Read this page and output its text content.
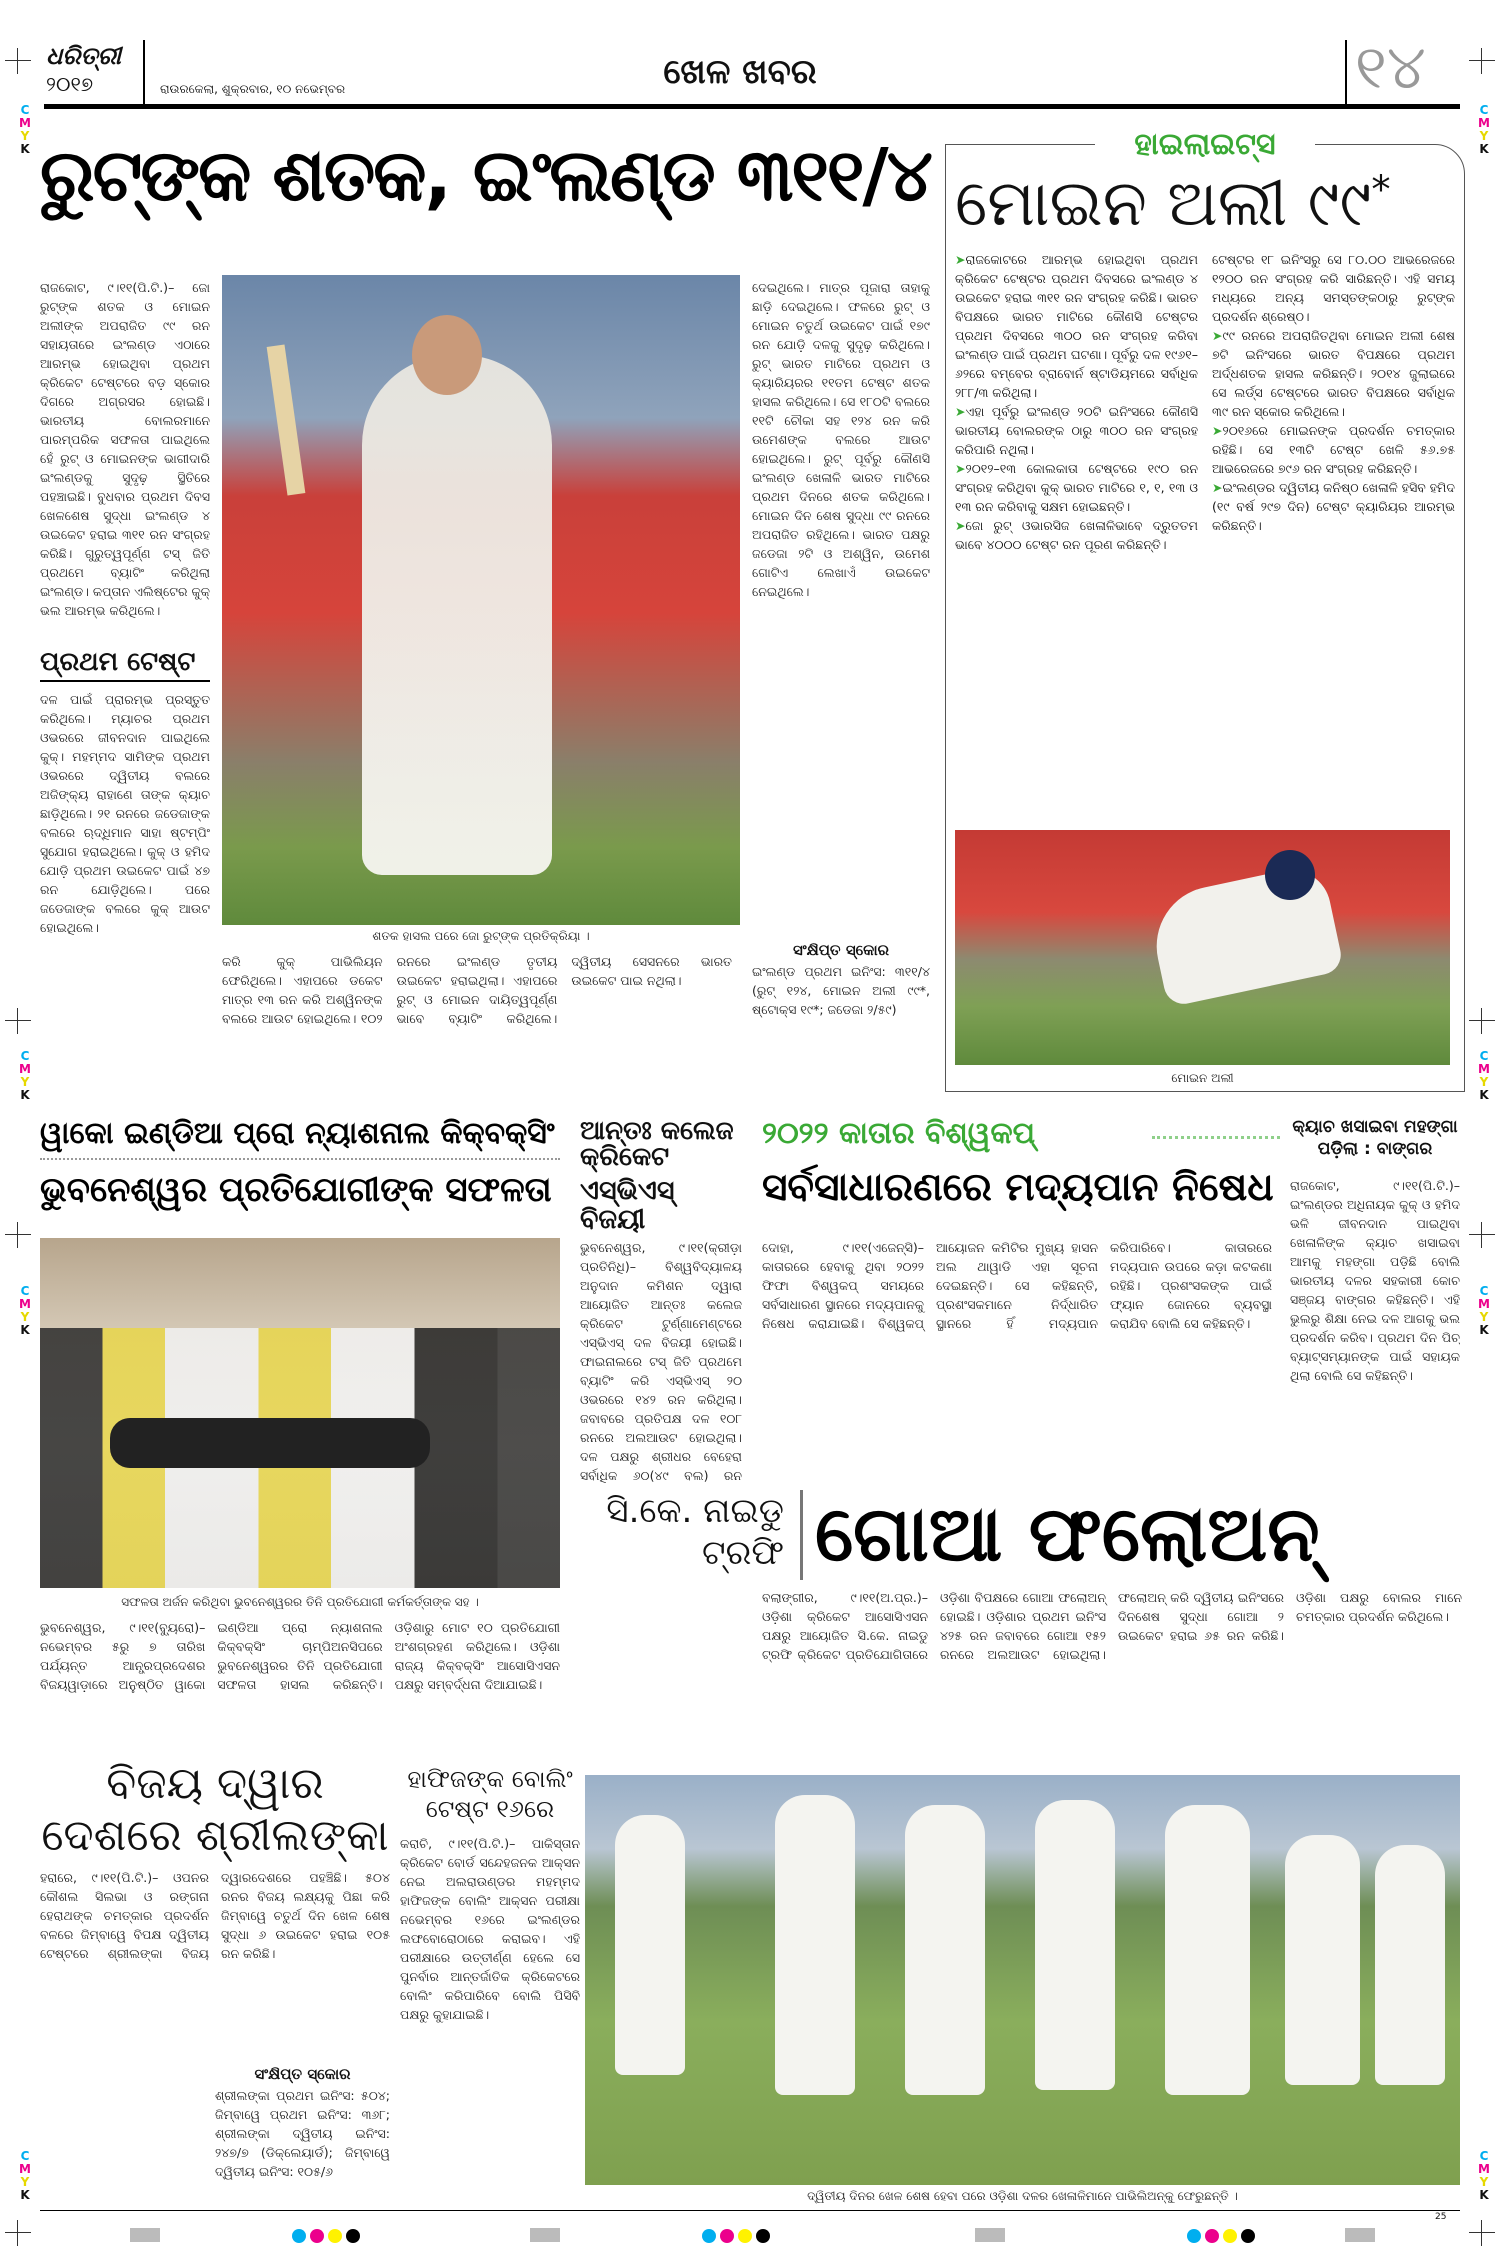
C
M
Y
K
C
M
Y
K
C
M
Y
K
C
M
Y
K
C
M
Y
K
C
M
Y
K
C
M
Y
K
C
M
Y
K
ଧରିତ୍ରୀ
୨୦୧୭	ରାଉରକେଲା, ଶୁକ୍ରବାର, ୧୦ ନଭେମ୍ବର	ଖେଳ ଖବର	୧୪
ରୁଟ୍‌ଙ୍କ ଶତକ, ଇଂଲଣ୍ଡ ୩୧୧/୪
ରାଜକୋଟ, ୯।୧୧(ପି.ଟି.)– ଜୋ ରୁଟ୍‌ଙ୍କ ଶତକ ଓ ମୋଇନ ଅଲୀଙ୍କ ଅପରାଜିତ ୯୯ ରନ ସହାୟତାରେ ଇଂଲଣ୍ଡ ଏଠାରେ ଆରମ୍ଭ ହୋଇଥିବା ପ୍ରଥମ କ୍ରିକେଟ ଟେଷ୍ଟରେ ବଡ଼ ସ୍କୋର ଦିଗରେ ଅଗ୍ରସର ହୋଇଛି। ଭାରତୀୟ ବୋଲରମାନେ ପାରମ୍ପରିକ ସଫଳତା ପାଇଥିଲେ ହେଁ ରୁଟ୍ ଓ ମୋଇନଙ୍କ ଭାଗୀଦାରି ଇଂଲଣ୍ଡକୁ ସୁଦୃଢ଼ ସ୍ଥିତିରେ ପହଞ୍ଚାଇଛି। ବୁଧବାର ପ୍ରଥମ ଦିବସ ଖେଳଶେଷ ସୁଦ୍ଧା ଇଂଲଣ୍ଡ ୪ ଉଇକେଟ ହରାଇ ୩୧୧ ରନ ସଂଗ୍ରହ କରିଛି। ଗୁରୁତ୍ୱପୂର୍ଣ୍ଣ ଟସ୍ ଜିତି ପ୍ରଥମେ ବ୍ୟାଟିଂ କରିଥିଲା ଇଂଲଣ୍ଡ। କପ୍ତାନ ଏଲିଷ୍ଟେର କୁକ୍ ଭଲ ଆରମ୍ଭ କରିଥିଲେ।
ପ୍ରଥମ ଟେଷ୍ଟ
ଦଳ ପାଇଁ ପ୍ରାରମ୍ଭ ପ୍ରସ୍ତୁତ କରିଥିଲେ। ମ୍ୟାଚର ପ୍ରଥମ ଓଭରରେ ଜୀବନଦାନ ପାଇଥିଲେ କୁକ୍। ମହମ୍ମଦ ସାମିଙ୍କ ପ୍ରଥମ ଓଭରରେ ଦ୍ୱିତୀୟ ବଲରେ ଅଜିଙ୍କ୍ୟ ରାହାଣେ ତାଙ୍କ କ୍ୟାଚ ଛାଡ଼ିଥିଲେ। ୨୧ ରନରେ ଜଡେଜାଙ୍କ ବଲରେ ଋଦ୍ଧିମାନ ସାହା ଷ୍ଟମ୍ପିଂ ସୁଯୋଗ ହରାଇଥିଲେ। କୁକ୍ ଓ ହମିଦ ଯୋଡ଼ି ପ୍ରଥମ ଉଇକେଟ ପାଇଁ ୪୭ ରନ ଯୋଡ଼ିଥିଲେ। ପରେ ଜଡେଜାଙ୍କ ବଲରେ କୁକ୍ ଆଉଟ ହୋଇଥିଲେ।
ଶତକ ହାସଲ ପରେ ଜୋ ରୁଟ୍‌ଙ୍କ ପ୍ରତିକ୍ରିୟା ।
ଦେଇଥିଲେ। ମାତ୍ର ପୂଜାରା ତାହାକୁ ଛାଡ଼ି ଦେଇଥିଲେ। ଫଳରେ ରୁଟ୍ ଓ ମୋଇନ ଚତୁର୍ଥ ଉଇକେଟ ପାଇଁ ୧୭୯ ରନ ଯୋଡ଼ି ଦଳକୁ ସୁଦୃଢ଼ କରିଥିଲେ। ରୁଟ୍ ଭାରତ ମାଟିରେ ପ୍ରଥମ ଓ କ୍ୟାରିୟରର ୧୧ତମ ଟେଷ୍ଟ ଶତକ ହାସଲ କରିଥିଲେ। ସେ ୧୮୦ଟି ବଲରେ ୧୧ଟି ଚୌକା ସହ ୧୨୪ ରନ କରି ଉମେଶଙ୍କ ବଲରେ ଆଉଟ ହୋଇଥିଲେ। ରୁଟ୍ ପୂର୍ବରୁ କୌଣସି ଇଂଲଣ୍ଡ ଖେଳାଳି ଭାରତ ମାଟିରେ ପ୍ରଥମ ଦିନରେ ଶତକ କରିଥିଲେ। ମୋଇନ ଦିନ ଶେଷ ସୁଦ୍ଧା ୯୯ ରନରେ ଅପରାଜିତ ରହିଥିଲେ। ଭାରତ ପକ୍ଷରୁ ଜଡେଜା ୨ଟି ଓ ଅଶ୍ୱିନ, ଉମେଶ ଗୋଟିଏ ଲେଖାଏଁ ଉଇକେଟ ନେଇଥିଲେ।
କରି କୁକ୍ ପାଭିଲିୟନ ଫେରିଥିଲେ। ଏହାପରେ ଡକେଟ ମାତ୍ର ୧୩ ରନ କରି ଅଶ୍ୱିନଙ୍କ ବଲରେ ଆଉଟ ହୋଇଥିଲେ। ୧୦୨ ରନରେ ଇଂଲଣ୍ଡ ତୃତୀୟ ଉଇକେଟ ହରାଇଥିଲା। ଏହାପରେ ରୁଟ୍ ଓ ମୋଇନ ଦାୟିତ୍ୱପୂର୍ଣ୍ଣ ଭାବେ ବ୍ୟାଟିଂ କରିଥିଲେ। ଦ୍ୱିତୀୟ ସେସନରେ ଭାରତ ଉଇକେଟ ପାଇ ନଥିଲା।
ସଂକ୍ଷିପ୍ତ ସ୍କୋର
ଇଂଲଣ୍ଡ ପ୍ରଥମ ଇନିଂସ: ୩୧୧/୪ (ରୁଟ୍ ୧୨୪, ମୋଇନ ଅଲୀ ୯୯*, ଷ୍ଟୋକ୍ସ ୧୯*; ଜଡେଜା ୨/୫୯)
ହାଇଲାଇଟ୍ସ
ମୋଇନ ଅଲୀ ୯୯*

➤ରାଜକୋଟରେ ଆରମ୍ଭ ହୋଇଥିବା ପ୍ରଥମ କ୍ରିକେଟ ଟେଷ୍ଟର ପ୍ରଥମ ଦିବସରେ ଇଂଲଣ୍ଡ ୪ ଉଇକେଟ ହରାଇ ୩୧୧ ରନ ସଂଗ୍ରହ କରିଛି। ଭାରତ ବିପକ୍ଷରେ ଭାରତ ମାଟିରେ କୌଣସି ଟେଷ୍ଟର ପ୍ରଥମ ଦିବସରେ ୩୦୦ ରନ ସଂଗ୍ରହ କରିବା ଇଂଲଣ୍ଡ ପାଇଁ ପ୍ରଥମ ଘଟଣା। ପୂର୍ବରୁ ଦଳ ୧୯୬୧–୬୨ରେ ବମ୍ବେର ବ୍ରାବୋର୍ନ ଷ୍ଟାଡିୟମରେ ସର୍ବାଧିକ ୨୮୮/୩ କରିଥିଲା।

➤ଏହା ପୂର୍ବରୁ ଇଂଲଣ୍ଡ ୨୦ଟି ଇନିଂସରେ କୌଣସି ଭାରତୀୟ ବୋଲରଙ୍କ ଠାରୁ ୩୦୦ ରନ ସଂଗ୍ରହ କରିପାରି ନଥିଲା।

➤୨୦୧୨–୧୩ କୋଲକାତା ଟେଷ୍ଟରେ ୧୯୦ ରନ ସଂଗ୍ରହ କରିଥିବା କୁକ୍ ଭାରତ ମାଟିରେ ୧, ୧, ୧୩ ଓ ୧୩ ରନ କରିବାକୁ ସକ୍ଷମ ହୋଇଛନ୍ତି।

➤ଜୋ ରୁଟ୍ ଓଭାରସିଜ ଖେଳାଳିଭାବେ ଦ୍ରୁତତମ ଭାବେ ୪୦୦୦ ଟେଷ୍ଟ ରନ ପୂରଣ କରିଛନ୍ତି।

ଟେଷ୍ଟର ୧୮ ଇନିଂସରୁ ସେ ୮୦.୦୦ ଆଭରେଜରେ ୧୨୦୦ ରନ ସଂଗ୍ରହ କରି ସାରିଛନ୍ତି। ଏହି ସମୟ ମଧ୍ୟରେ ଅନ୍ୟ ସମସ୍ତଙ୍କଠାରୁ ରୁଟ୍‌ଙ୍କ ପ୍ରଦର୍ଶନ ଶ୍ରେଷ୍ଠ।

➤୯୯ ରନରେ ଅପରାଜିତଥିବା ମୋଇନ ଅଲୀ ଶେଷ ୭ଟି ଇନିଂସରେ ଭାରତ ବିପକ୍ଷରେ ପ୍ରଥମ ଅର୍ଦ୍ଧଶତକ ହାସଲ କରିଛନ୍ତି। ୨୦୧୪ ଜୁଲାଇରେ ସେ ଲର୍ଡ୍ସ ଟେଷ୍ଟରେ ଭାରତ ବିପକ୍ଷରେ ସର୍ବାଧିକ ୩୯ ରନ ସ୍କୋର କରିଥିଲେ।

➤୨୦୧୬ରେ ମୋଇନଙ୍କ ପ୍ରଦର୍ଶନ ଚମତ୍କାର ରହିଛି। ସେ ୧୩ଟି ଟେଷ୍ଟ ଖେଳି ୫୬.୭୫ ଆଭରେଜରେ ୭୯୬ ରନ ସଂଗ୍ରହ କରିଛନ୍ତି।

➤ଇଂଲଣ୍ଡର ଦ୍ୱିତୀୟ କନିଷ୍ଠ ଖେଳାଳି ହସିବ ହମିଦ (୧୯ ବର୍ଷ ୨୯୭ ଦିନ) ଟେଷ୍ଟ କ୍ୟାରିୟର ଆରମ୍ଭ କରିଛନ୍ତି।

ମୋଇନ ଅଲୀ
ୱାକୋ ଇଣ୍ଡିଆ ପ୍ରୋ ନ୍ୟାଶନାଲ କିକ୍‌ବକ୍ସିଂ
ଭୁବନେଶ୍ୱର ପ୍ରତିଯୋଗୀଙ୍କ ସଫଳତା
ସଫଳତା ଅର୍ଜନ କରିଥିବା ଭୁବନେଶ୍ୱରର ତିନି ପ୍ରତିଯୋଗୀ କର୍ମକର୍ତ୍ତାଙ୍କ ସହ ।
ଭୁବନେଶ୍ୱର, ୯।୧୧(ବ୍ୟୁରୋ)– ନଭେମ୍ବର ୫ରୁ ୭ ତାରିଖ ପର୍ଯ୍ୟନ୍ତ ଆନ୍ଧ୍ରପ୍ରଦେଶର ବିଜୟୱାଡ଼ାରେ ଅନୁଷ୍ଠିତ ୱାକୋ ଇଣ୍ଡିଆ ପ୍ରୋ ନ୍ୟାଶନାଲ କିକ୍‌ବକ୍ସିଂ ଚାମ୍ପିଅନସିପରେ ଭୁବନେଶ୍ୱରର ତିନି ପ୍ରତିଯୋଗୀ ସଫଳତା ହାସଲ କରିଛନ୍ତି। ଓଡ଼ିଶାରୁ ମୋଟ ୧୦ ପ୍ରତିଯୋଗୀ ଅଂଶଗ୍ରହଣ କରିଥିଲେ। ଓଡ଼ିଶା ରାଜ୍ୟ କିକ୍‌ବକ୍ସିଂ ଆସୋସିଏସନ ପକ୍ଷରୁ ସମ୍ବର୍ଦ୍ଧନା ଦିଆଯାଇଛି।
ଆନ୍ତଃ କଲେଜ କ୍ରିକେଟ
ଏସ୍‌ଭିଏସ୍ ବିଜୟୀ
ଭୁବନେଶ୍ୱର, ୯।୧୧(କ୍ରୀଡ଼ା ପ୍ରତିନିଧି)– ବିଶ୍ୱବିଦ୍ୟାଳୟ ଅନୁଦାନ କମିଶନ ଦ୍ୱାରା ଆୟୋଜିତ ଆନ୍ତଃ କଲେଜ କ୍ରିକେଟ ଟୁର୍ଣ୍ଣାମେଣ୍ଟରେ ଏସ୍‌ଭିଏସ୍ ଦଳ ବିଜୟୀ ହୋଇଛି। ଫାଇନାଲରେ ଟସ୍ ଜିତି ପ୍ରଥମେ ବ୍ୟାଟିଂ କରି ଏସ୍‌ଭିଏସ୍ ୨୦ ଓଭରରେ ୧୪୨ ରନ କରିଥିଲା। ଜବାବରେ ପ୍ରତିପକ୍ଷ ଦଳ ୧୦୮ ରନରେ ଅଲଆଉଟ ହୋଇଥିଲା। ଦଳ ପକ୍ଷରୁ ଶ୍ରୀଧର ବେହେରା ସର୍ବାଧିକ ୬୦(୪୯ ବଲ) ରନ
୨୦୨୨ କାତାର ବିଶ୍ୱକପ୍
ସର୍ବସାଧାରଣରେ ମଦ୍ୟପାନ ନିଷେଧ
ଦୋହା, ୯।୧୧(ଏଜେନ୍ସି)– କାତାରରେ ହେବାକୁ ଥିବା ୨୦୨୨ ଫିଫା ବିଶ୍ୱକପ୍ ସମୟରେ ସର୍ବସାଧାରଣ ସ୍ଥାନରେ ମଦ୍ୟପାନକୁ ନିଷେଧ କରାଯାଇଛି। ବିଶ୍ୱକପ୍ ଆୟୋଜନ କମିଟିର ମୁଖ୍ୟ ହାସନ ଅଲ ଥାୱାଡି ଏହା ସୂଚନା ଦେଇଛନ୍ତି। ସେ କହିଛନ୍ତି, ପ୍ରଶଂସକମାନେ ନିର୍ଦ୍ଧାରିତ ସ୍ଥାନରେ ହିଁ ମଦ୍ୟପାନ କରିପାରିବେ। କାତାରରେ ମଦ୍ୟପାନ ଉପରେ କଡ଼ା କଟକଣା ରହିଛି। ପ୍ରଶଂସକଙ୍କ ପାଇଁ ଫ୍ୟାନ ଜୋନରେ ବ୍ୟବସ୍ଥା କରାଯିବ ବୋଲି ସେ କହିଛନ୍ତି।
କ୍ୟାଚ ଖସାଇବା ମହଙ୍ଗା ପଡ଼ିଲା : ବାଙ୍ଗର
ରାଜକୋଟ, ୯।୧୧(ପି.ଟି.)– ଇଂଲଣ୍ଡର ଅଧିନାୟକ କୁକ୍ ଓ ହମିଦ ଭଳି ଜୀବନଦାନ ପାଇଥିବା ଖେଳାଳିଙ୍କ କ୍ୟାଚ ଖସାଇବା ଆମକୁ ମହଙ୍ଗା ପଡ଼ିଛି ବୋଲି ଭାରତୀୟ ଦଳର ସହକାରୀ କୋଚ ସଞ୍ଜୟ ବାଙ୍ଗର କହିଛନ୍ତି। ଏହି ଭୁଲରୁ ଶିକ୍ଷା ନେଇ ଦଳ ଆଗକୁ ଭଲ ପ୍ରଦର୍ଶନ କରିବ। ପ୍ରଥମ ଦିନ ପିଚ୍ ବ୍ୟାଟ୍ସମ୍ୟାନଙ୍କ ପାଇଁ ସହାୟକ ଥିଲା ବୋଲି ସେ କହିଛନ୍ତି।
ସି.କେ. ନାଇଡୁ ଟ୍ରଫି ଗୋଆ ଫଲୋଅନ୍
ବଲାଙ୍ଗୀର, ୯।୧୧(ଅ.ପ୍ର.)– ଓଡ଼ିଶା କ୍ରିକେଟ ଆସୋସିଏସନ ପକ୍ଷରୁ ଆୟୋଜିତ ସି.କେ. ନାଇଡୁ ଟ୍ରଫି କ୍ରିକେଟ ପ୍ରତିଯୋଗିତାରେ ଓଡ଼ିଶା ବିପକ୍ଷରେ ଗୋଆ ଫଲୋଅନ୍ ହୋଇଛି। ଓଡ଼ିଶାର ପ୍ରଥମ ଇନିଂସ ୪୨୫ ରନ ଜବାବରେ ଗୋଆ ୧୫୨ ରନରେ ଅଲଆଉଟ ହୋଇଥିଲା। ଫଲୋଅନ୍ କରି ଦ୍ୱିତୀୟ ଇନିଂସରେ ଦିନଶେଷ ସୁଦ୍ଧା ଗୋଆ ୨ ଉଇକେଟ ହରାଇ ୬୫ ରନ କରିଛି। ଓଡ଼ିଶା ପକ୍ଷରୁ ବୋଲର ମାନେ ଚମତ୍କାର ପ୍ରଦର୍ଶନ କରିଥିଲେ।
ବିଜୟ ଦ୍ୱାର ଦେଶରେ ଶ୍ରୀଲଙ୍କା
ହରାରେ, ୯।୧୧(ପି.ଟି.)– ଓପନର କୌଶଲ ସିଲଭା ଓ ରଙ୍ଗନା ହେରାଥଙ୍କ ଚମତ୍କାର ପ୍ରଦର୍ଶନ ବଳରେ ଜିମ୍ବାୱେ ବିପକ୍ଷ ଦ୍ୱିତୀୟ ଟେଷ୍ଟରେ ଶ୍ରୀଲଙ୍କା ବିଜୟ ଦ୍ୱାରଦେଶରେ ପହଞ୍ଚିଛି। ୫୦୪ ରନର ବିଜୟ ଲକ୍ଷ୍ୟକୁ ପିଛା କରି ଜିମ୍ବାୱେ ଚତୁର୍ଥ ଦିନ ଖେଳ ଶେଷ ସୁଦ୍ଧା ୬ ଉଇକେଟ ହରାଇ ୧୦୫ ରନ କରିଛି।
ସଂକ୍ଷିପ୍ତ ସ୍କୋର
ଶ୍ରୀଲଙ୍କା ପ୍ରଥମ ଇନିଂସ: ୫୦୪; ଜିମ୍ବାୱେ ପ୍ରଥମ ଇନିଂସ: ୩୬୮; ଶ୍ରୀଲଙ୍କା ଦ୍ୱିତୀୟ ଇନିଂସ: ୨୪୭/୭ (ଡିକ୍ଲେୟାର୍ଡ); ଜିମ୍ବାୱେ ଦ୍ୱିତୀୟ ଇନିଂସ: ୧୦୫/୬
ହାଫିଜଙ୍କ ବୋଲିଂ ଟେଷ୍ଟ ୧୬ରେ
କରାଚି, ୯।୧୧(ପି.ଟି.)– ପାକିସ୍ତାନ କ୍ରିକେଟ ବୋର୍ଡ ସନ୍ଦେହଜନକ ଆକ୍ସନ ନେଇ ଅଲରାଉଣ୍ଡର ମହମ୍ମଦ ହାଫିଜଙ୍କ ବୋଲିଂ ଆକ୍ସନ ପରୀକ୍ଷା ନଭେମ୍ବର ୧୬ରେ ଇଂଲଣ୍ଡର ଲଫବୋରୋଠାରେ କରାଇବ। ଏହି ପରୀକ୍ଷାରେ ଉତ୍ତୀର୍ଣ୍ଣ ହେଲେ ସେ ପୁନର୍ବାର ଆନ୍ତର୍ଜାତିକ କ୍ରିକେଟରେ ବୋଲିଂ କରିପାରିବେ ବୋଲି ପିସିବି ପକ୍ଷରୁ କୁହାଯାଇଛି।
ଦ୍ୱିତୀୟ ଦିନର ଖେଳ ଶେଷ ହେବା ପରେ ଓଡ଼ିଶା ଦଳର ଖେଳାଳିମାନେ ପାଭିଲିଅନ୍‌କୁ ଫେରୁଛନ୍ତି ।
25
